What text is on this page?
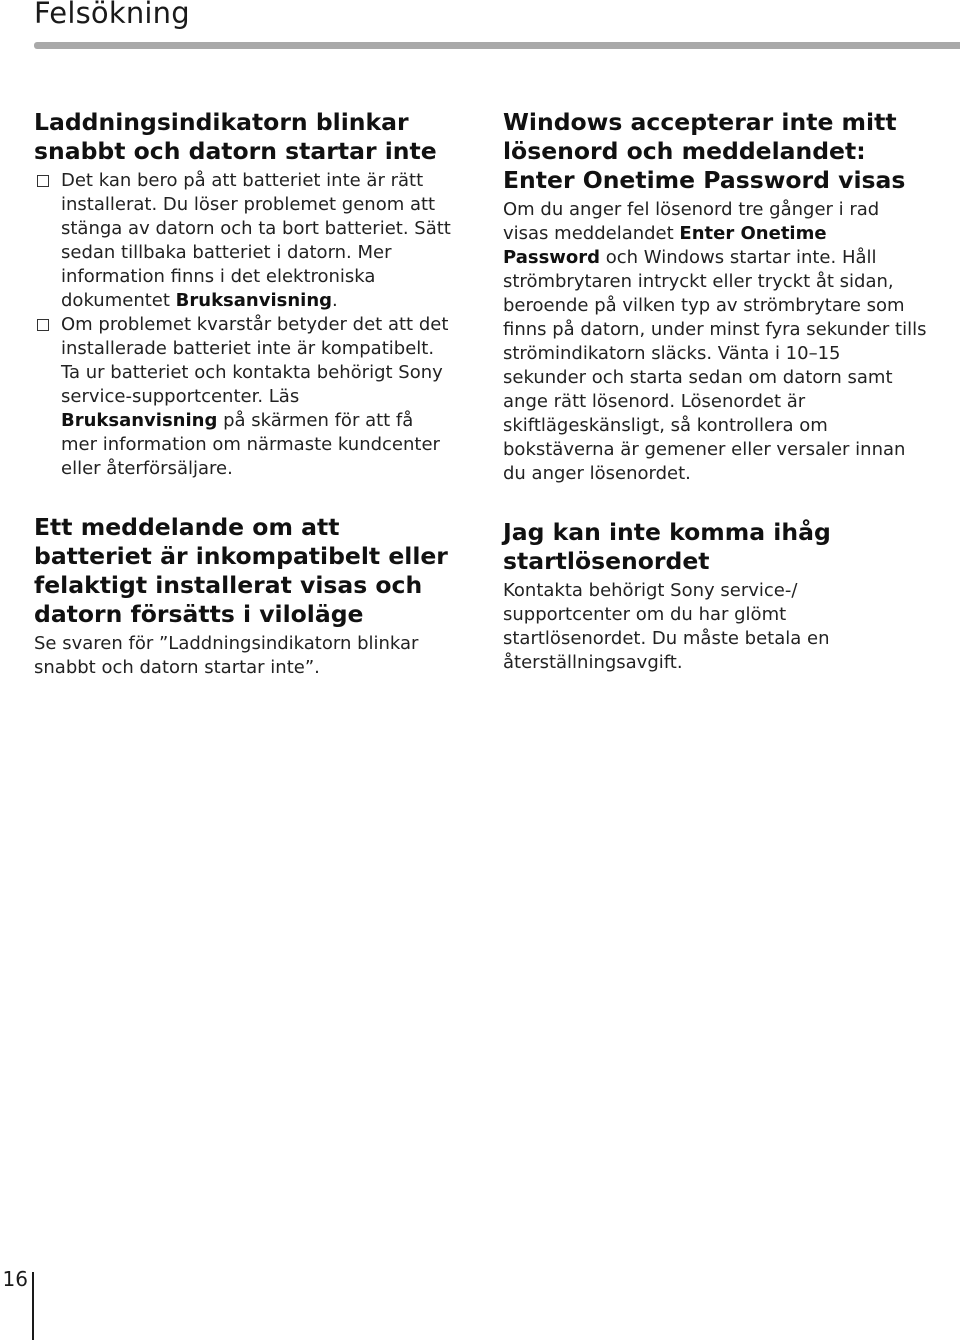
Felsökning
Laddningsindikatorn blinkar snabbt och datorn startar inte

Det kan bero på att batteriet inte är rätt installerat. Du löser problemet genom att stänga av datorn och ta bort batteriet. Sätt sedan tillbaka batteriet i datorn. Mer information finns i det elektroniska dokumentet Bruksanvisning.

Om problemet kvarstår betyder det att det installerade batteriet inte är kompatibelt. Ta ur batteriet och kontakta behörigt Sony service-supportcenter. Läs Bruksanvisning på skärmen för att få mer information om närmaste kundcenter eller återförsäljare.

Ett meddelande om att batteriet är inkompatibelt eller felaktigt installerat visas och datorn försätts i viloläge

Se svaren för ”Laddningsindikatorn blinkar snabbt och datorn startar inte”.

Windows accepterar inte mitt lösenord och meddelandet: Enter Onetime Password visas

Om du anger fel lösenord tre gånger i rad visas meddelandet Enter Onetime Password och Windows startar inte. Håll strömbrytaren intryckt eller tryckt åt sidan, beroende på vilken typ av strömbrytare som finns på datorn, under minst fyra sekunder tills strömindikatorn släcks. Vänta i 10–15 sekunder och starta sedan om datorn samt ange rätt lösenord. Lösenordet är skiftlägeskänsligt, så kontrollera om bokstäverna är gemener eller versaler innan du anger lösenordet.

Jag kan inte komma ihåg startlösenordet

Kontakta behörigt Sony service-/ supportcenter om du har glömt startlösenordet. Du måste betala en återställningsavgift.

16
